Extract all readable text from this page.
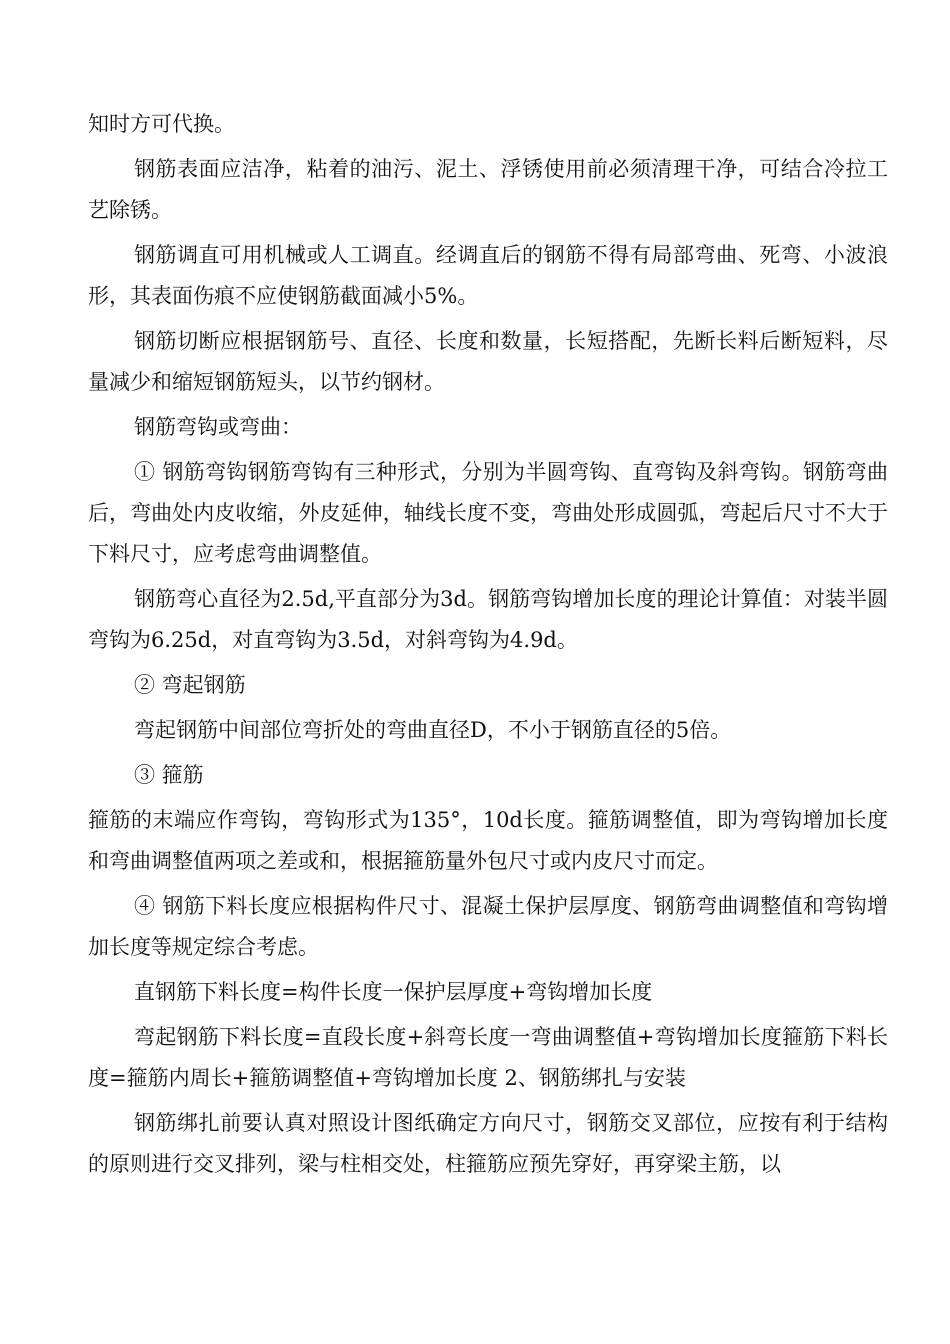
知时方可代换。

钢筋表面应洁净，粘着的油污、泥土、浮锈使用前必须清理干净，可结合冷拉工艺除锈。

钢筋调直可用机械或人工调直。经调直后的钢筋不得有局部弯曲、死弯、小波浪形，其表面伤痕不应使钢筋截面减小5%。

钢筋切断应根据钢筋号、直径、长度和数量，长短搭配，先断长料后断短料，尽量减少和缩短钢筋短头，以节约钢材。

钢筋弯钩或弯曲：

① 钢筋弯钩钢筋弯钩有三种形式，分别为半圆弯钩、直弯钩及斜弯钩。钢筋弯曲后，弯曲处内皮收缩，外皮延伸，轴线长度不变，弯曲处形成圆弧，弯起后尺寸不大于下料尺寸，应考虑弯曲调整值。

钢筋弯心直径为2.5d,平直部分为3d。钢筋弯钩增加长度的理论计算值：对装半圆弯钩为6.25d，对直弯钩为3.5d，对斜弯钩为4.9d。

② 弯起钢筋

弯起钢筋中间部位弯折处的弯曲直径D，不小于钢筋直径的5倍。

③ 箍筋

箍筋的末端应作弯钩，弯钩形式为135°，10d长度。箍筋调整值，即为弯钩增加长度和弯曲调整值两项之差或和，根据箍筋量外包尺寸或内皮尺寸而定。

④ 钢筋下料长度应根据构件尺寸、混凝土保护层厚度、钢筋弯曲调整值和弯钩增加长度等规定综合考虑。

直钢筋下料长度=构件长度一保护层厚度+弯钩增加长度

弯起钢筋下料长度=直段长度+斜弯长度一弯曲调整值+弯钩增加长度箍筋下料长度=箍筋内周长+箍筋调整值+弯钩增加长度 2、钢筋绑扎与安装

钢筋绑扎前要认真对照设计图纸确定方向尺寸，钢筋交叉部位，应按有利于结构的原则进行交叉排列，梁与柱相交处，柱箍筋应预先穿好，再穿梁主筋，以
